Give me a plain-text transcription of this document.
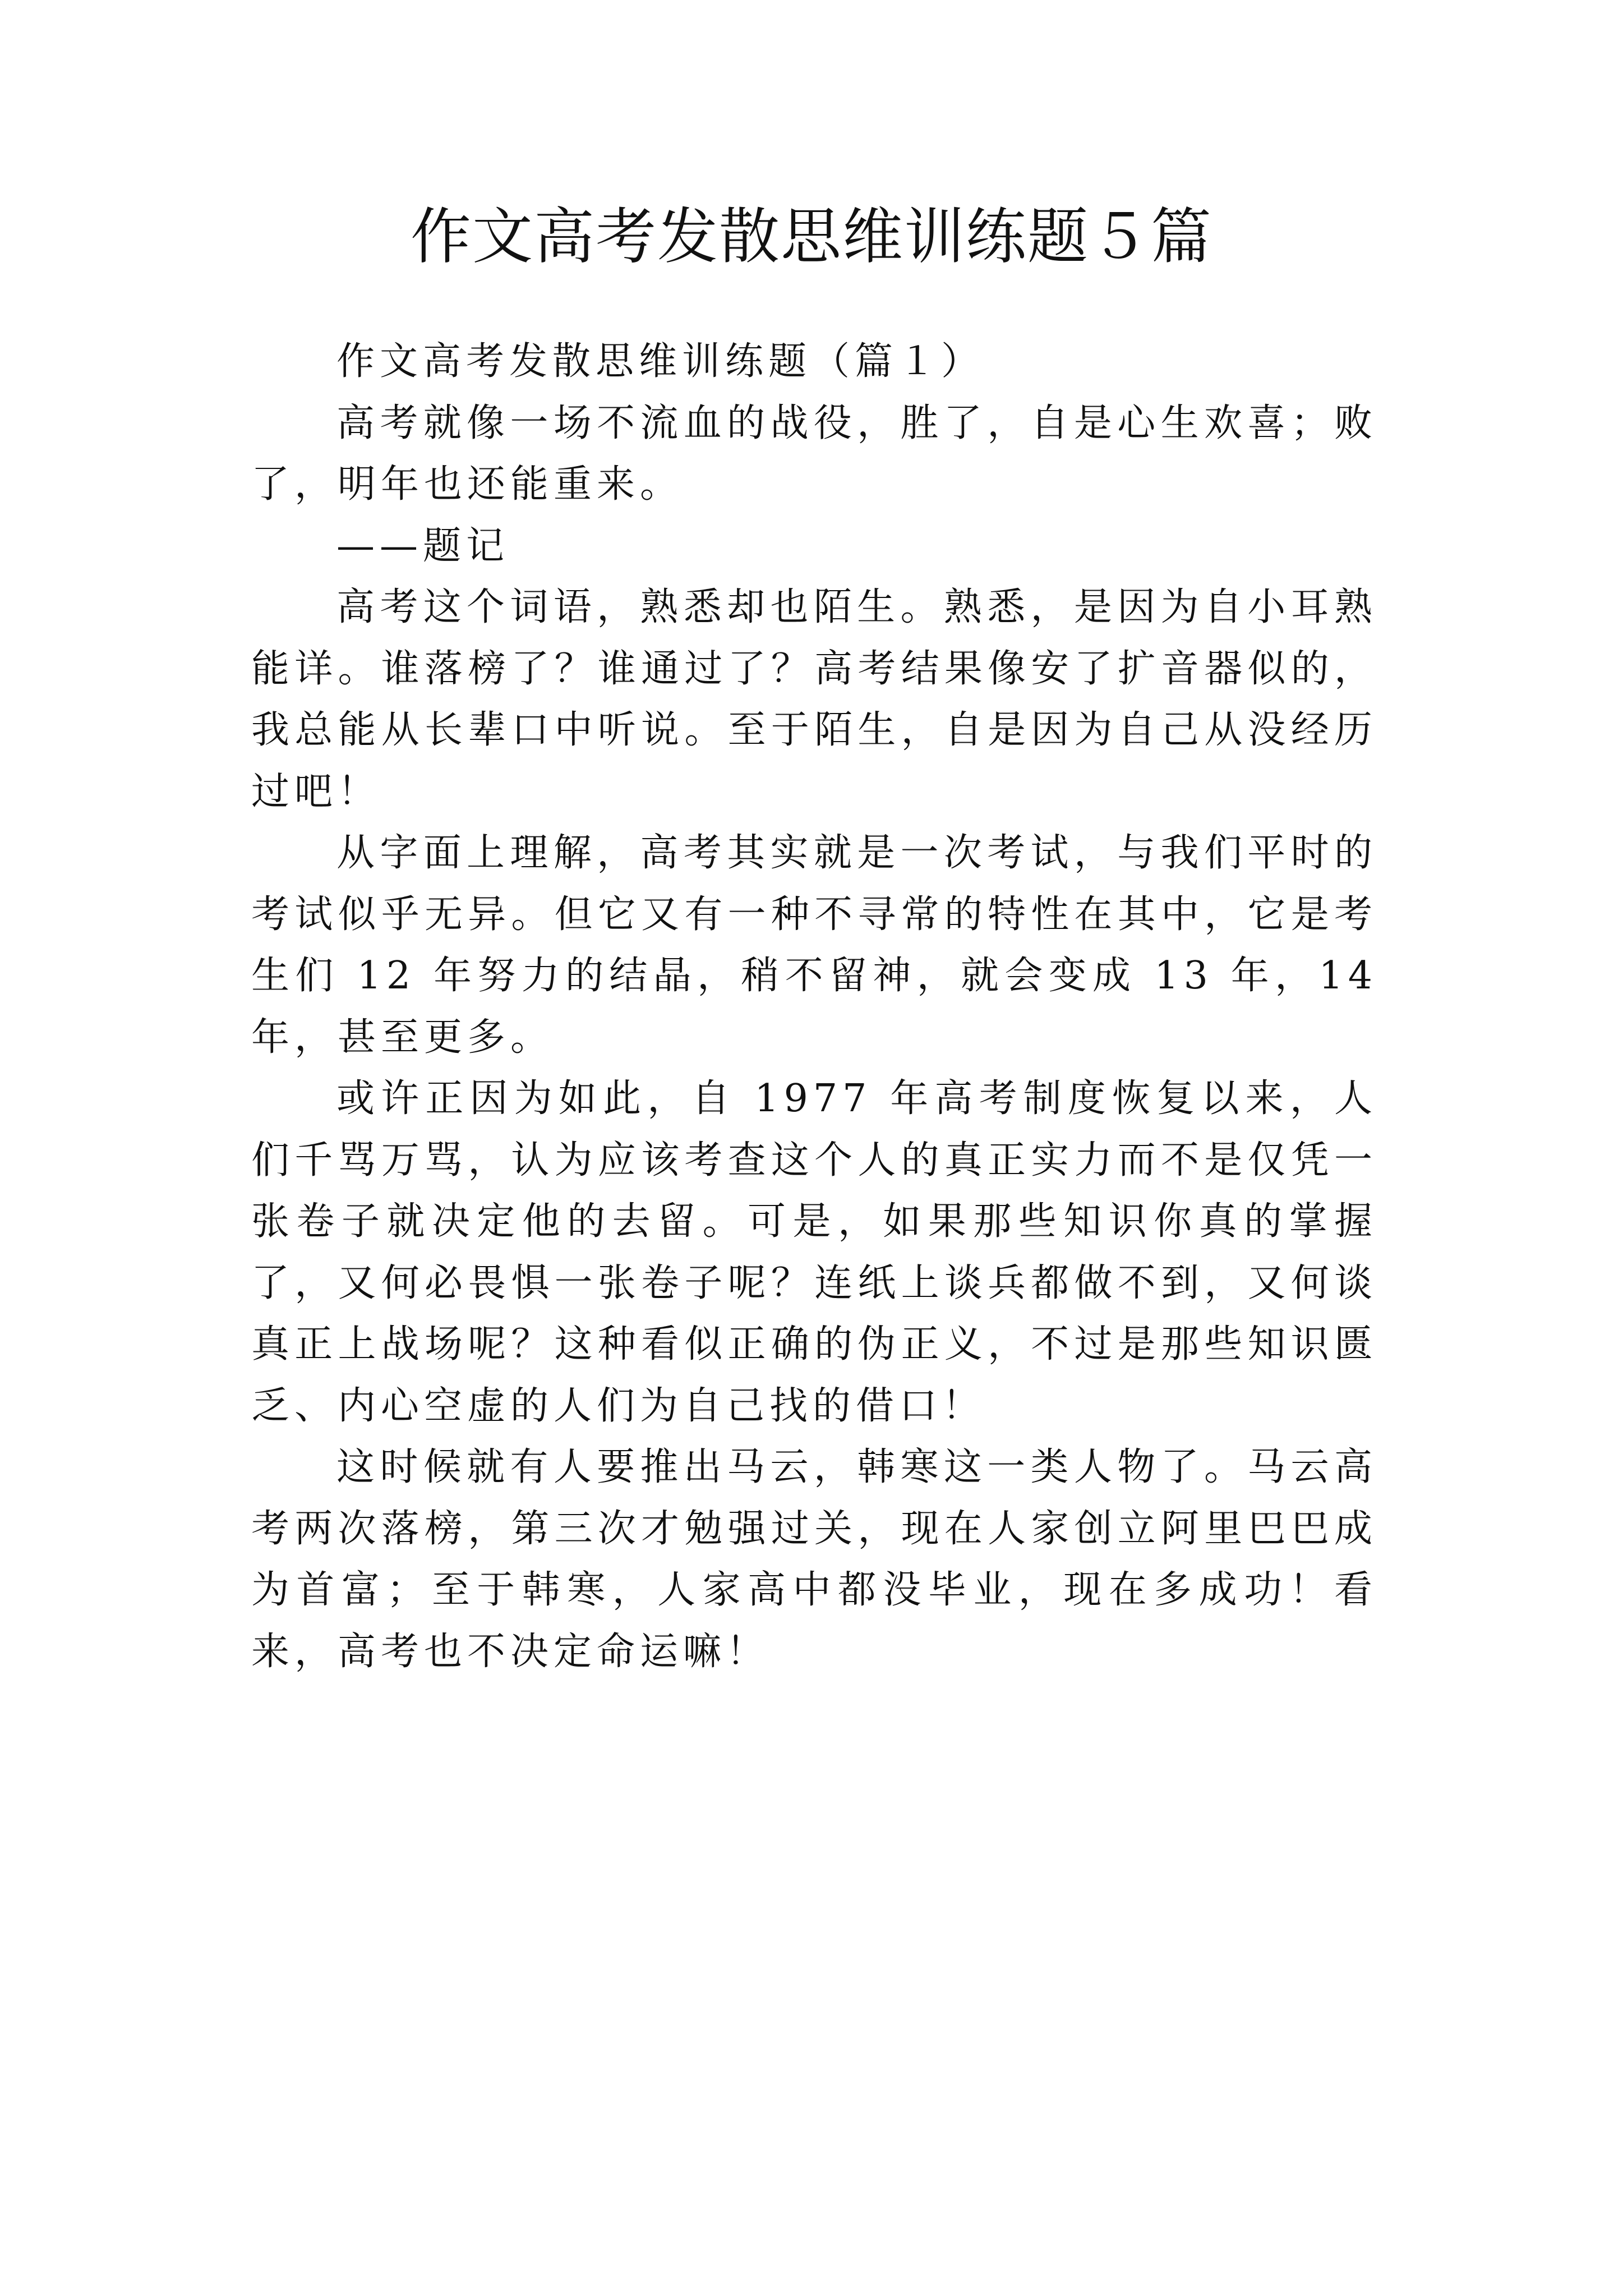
作文高考发散思维训练题５篇

作文高考发散思维训练题（篇１）

高考就像一场不流血的战役，胜了，自是心生欢喜；败了，明年也还能重来。

——题记

高考这个词语，熟悉却也陌生。熟悉，是因为自小耳熟能详。谁落榜了？谁通过了？高考结果像安了扩音器似的，我总能从长辈口中听说。至于陌生，自是因为自己从没经历过吧！

从字面上理解，高考其实就是一次考试，与我们平时的考试似乎无异。但它又有一种不寻常的特性在其中，它是考生们 12 年努力的结晶，稍不留神，就会变成 13 年，14 年，甚至更多。

或许正因为如此，自 1977 年高考制度恢复以来，人们千骂万骂，认为应该考查这个人的真正实力而不是仅凭一张卷子就决定他的去留。可是，如果那些知识你真的掌握了，又何必畏惧一张卷子呢？连纸上谈兵都做不到，又何谈真正上战场呢？这种看似正确的伪正义，不过是那些知识匮乏、内心空虚的人们为自己找的借口！

这时候就有人要推出马云，韩寒这一类人物了。马云高考两次落榜，第三次才勉强过关，现在人家创立阿里巴巴成为首富；至于韩寒，人家高中都没毕业，现在多成功！看来，高考也不决定命运嘛！
